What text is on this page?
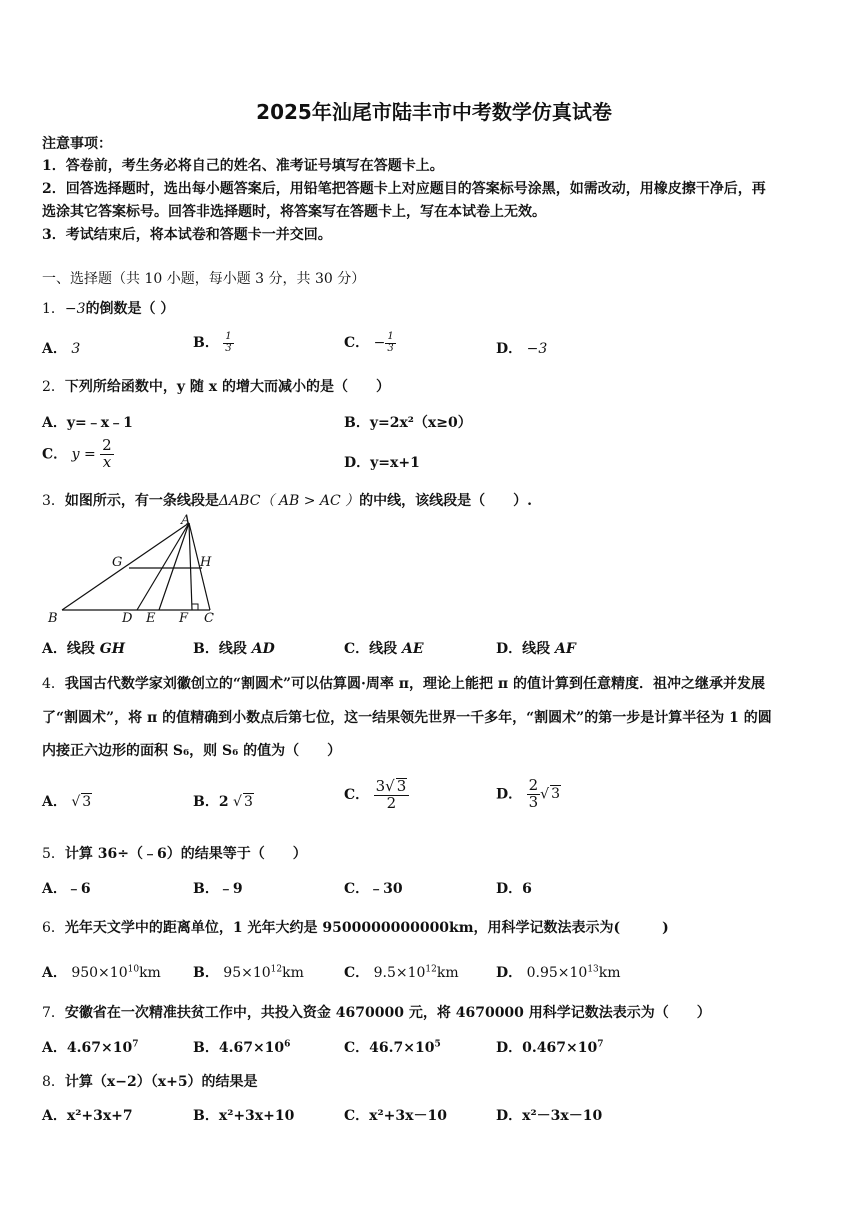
2025年汕尾市陆丰市中考数学仿真试卷
注意事项：
1．答卷前，考生务必将自己的姓名、准考证号填写在答题卡上。
2．回答选择题时，选出每小题答案后，用铅笔把答题卡上对应题目的答案标号涂黑，如需改动，用橡皮擦干净后，再
选涂其它答案标号。回答非选择题时，将答案写在答题卡上，写在本试卷上无效。
3．考试结束后，将本试卷和答题卡一并交回。
一、选择题（共 10 小题，每小题 3 分，共 30 分）
1．−3的倒数是（ ）
A． 3	B． $\frac{1}{3}$	C． − $\frac{1}{3}$	D． −3
2．下列所给函数中，y 随 x 的增大而减小的是（　　）
A．y=﹣x﹣1	B．y=2x²（x≥0）
C． $y = \frac{2}{x}$	D．y=x+1
3．如图所示，有一条线段是ΔABC（ AB > AC ）的中线，该线段是（　　）.
A
B	C
D E F
G	H
A．线段 GH	B．线段 AD	C．线段 AE	D．线段 AF
4．我国古代数学家刘徽创立的“割圆术”可以估算圆·周率 π，理论上能把 π 的值计算到任意精度．祖冲之继承并发展
了“割圆术”，将 π 的值精确到小数点后第七位，这一结果领先世界一千多年，“割圆术”的第一步是计算半径为 1 的圆
内接正六边形的面积 S₆，则 S₆ 的值为（　　）
A． √ 3	B．2 √ 3	C． $\frac{3√ 3}{2}$	D． $\frac{2}{3}$ √ 3
5．计算 36÷（﹣6）的结果等于（　　）
A．﹣6	B．﹣9	C．﹣30	D．6
6．光年天文学中的距离单位，1 光年大约是 9500000000000km，用科学记数法表示为(　　　)
A． $950\times 10^{10}km$ B． $95\times 10^{12}km$	C． $9.5\times 10^{12}km$	D． $0.95\times 10^{13}km$
7．安徽省在一次精准扶贫工作中，共投入资金 4670000 元，将 4670000 用科学记数法表示为（　　）
A．$4.67\times 10^7$	B．$4.67\times 10^6$	C．$46.7\times 10^5$	D．$0.467\times 10^7$
8．计算（x−2）（x+5）的结果是
A．x²+3x+7	B．x²+3x+10	C．x²+3x－10	D．x²－3x－10
